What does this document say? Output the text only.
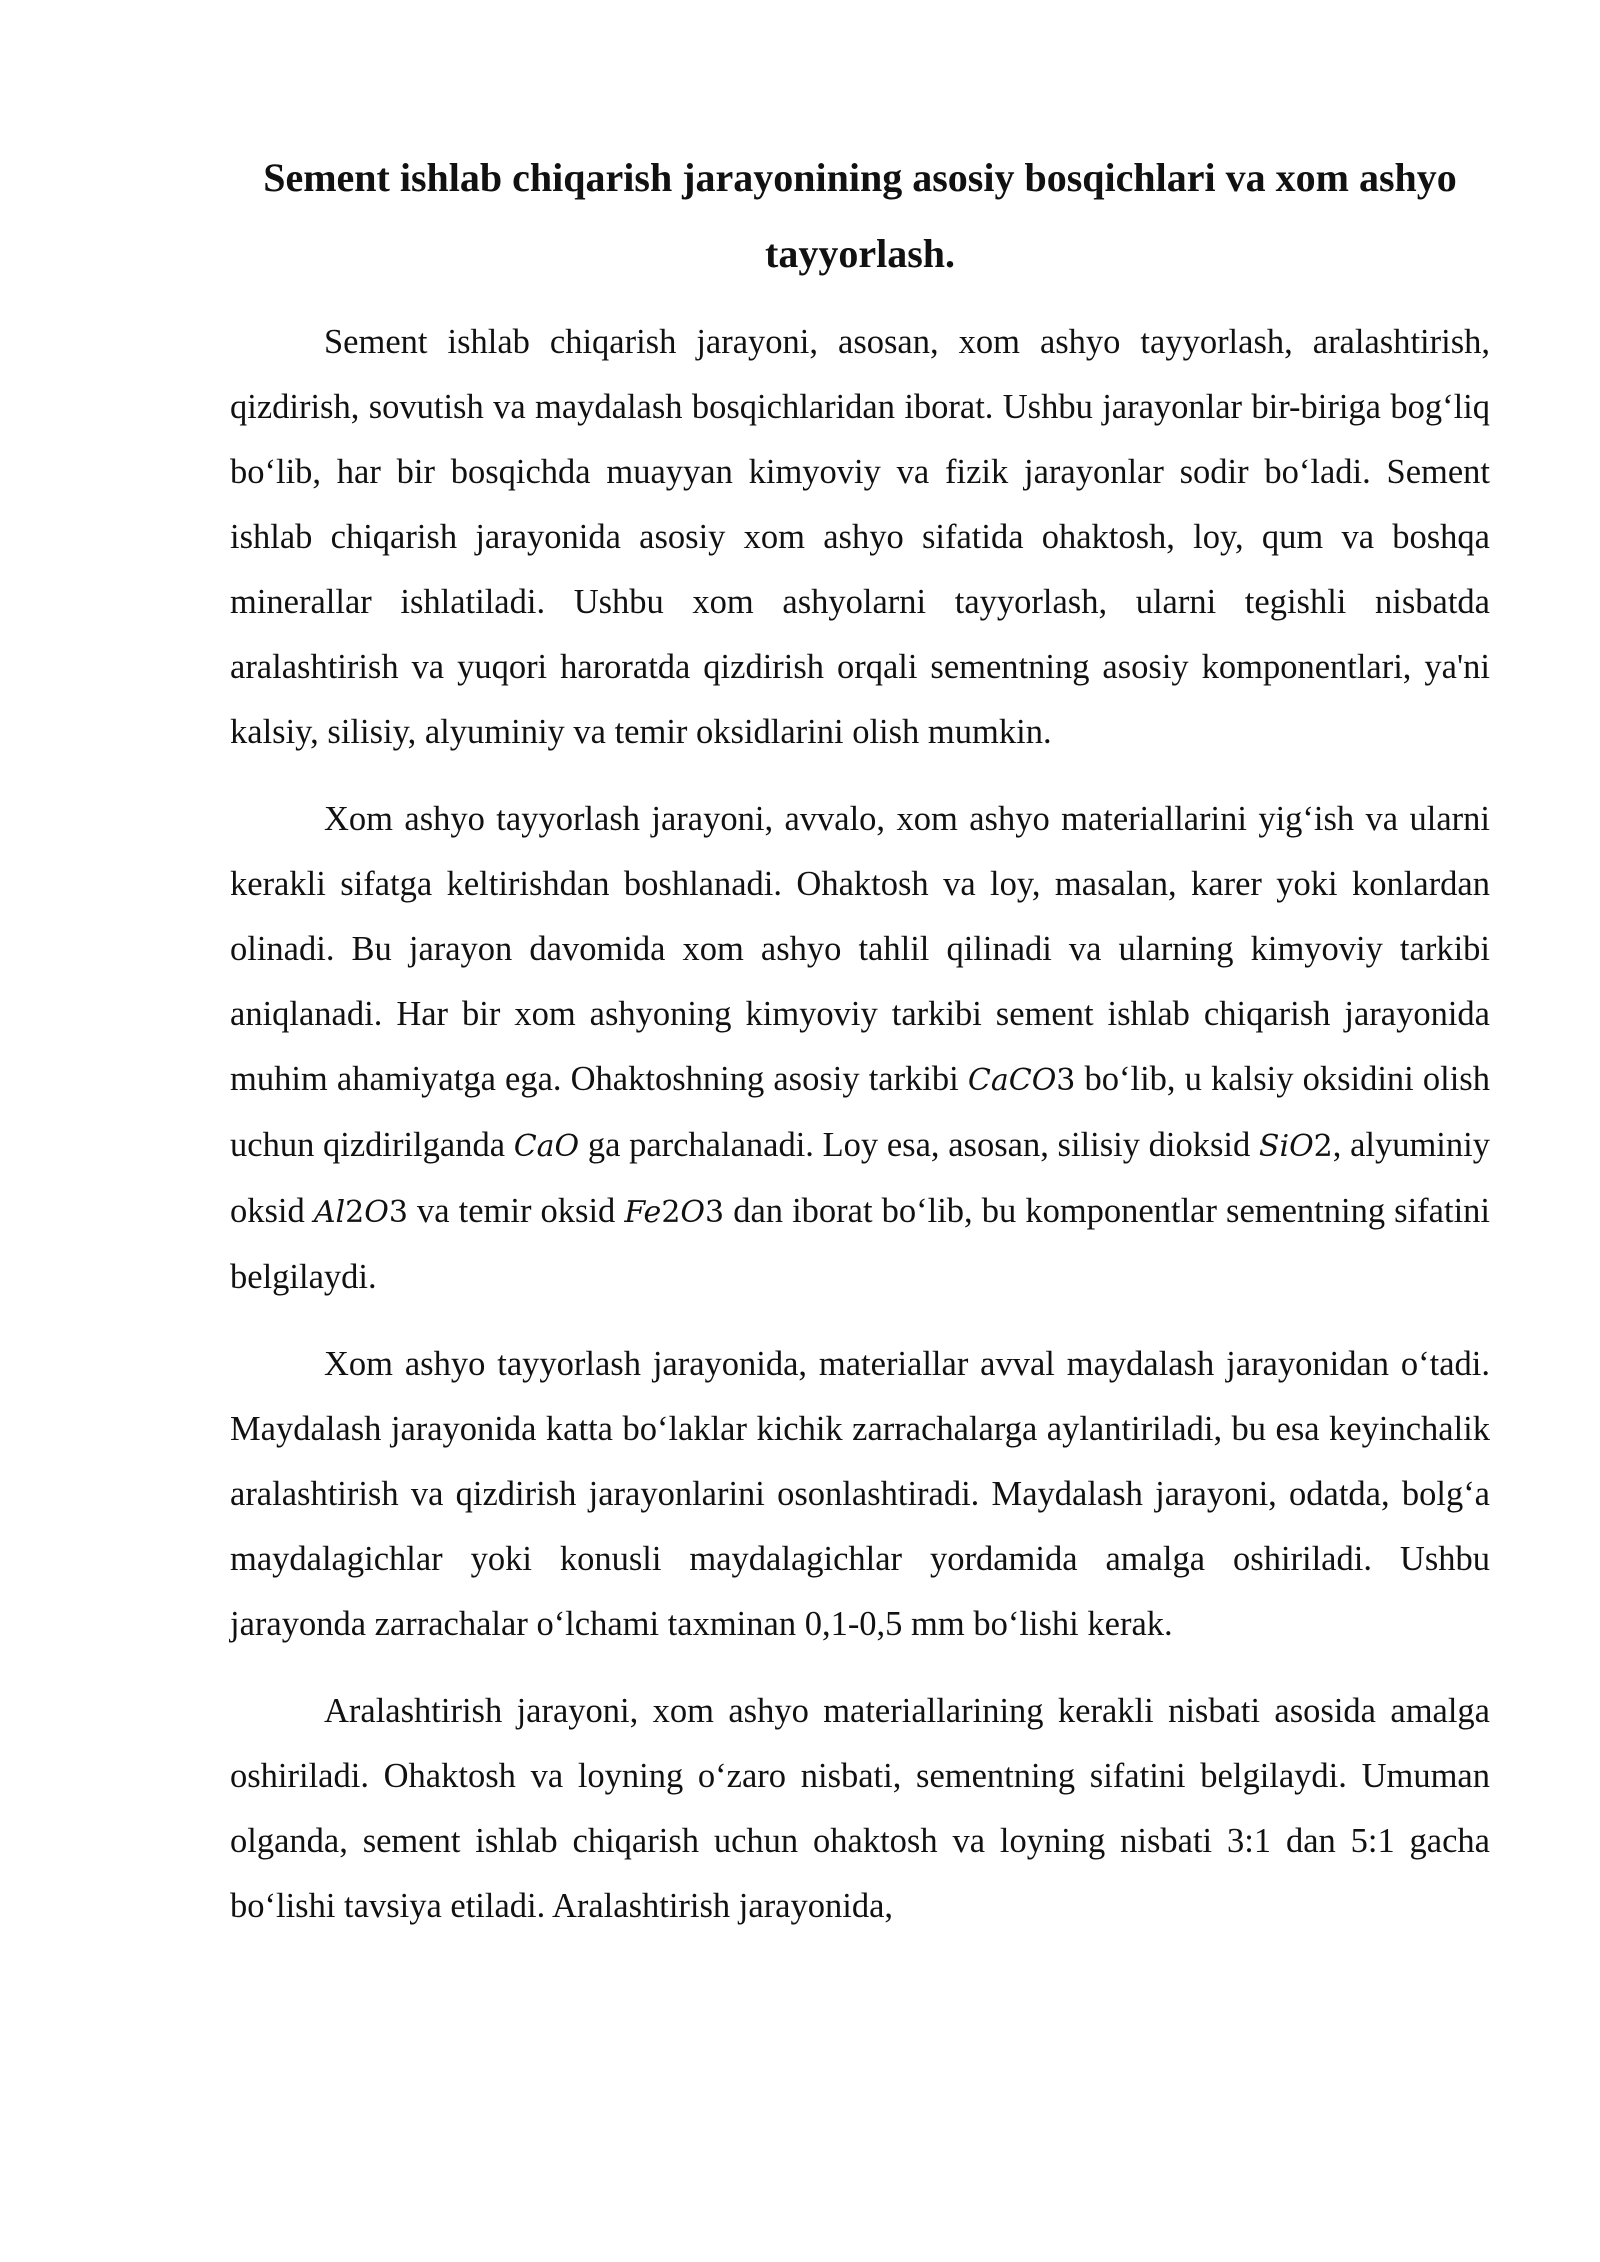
Sement ishlab chiqarish jarayonining asosiy bosqichlari va xom ashyo tayyorlash.

Sement ishlab chiqarish jarayoni, asosan, xom ashyo tayyorlash, aralashtirish, qizdirish, sovutish va maydalash bosqichlaridan iborat. Ushbu jarayonlar bir-biriga bog‘liq bo‘lib, har bir bosqichda muayyan kimyoviy va fizik jarayonlar sodir bo‘ladi. Sement ishlab chiqarish jarayonida asosiy xom ashyo sifatida ohaktosh, loy, qum va boshqa minerallar ishlatiladi. Ushbu xom ashyolarni tayyorlash, ularni tegishli nisbatda aralashtirish va yuqori haroratda qizdirish orqali sementning asosiy komponentlari, ya'ni kalsiy, silisiy, alyuminiy va temir oksidlarini olish mumkin.

Xom ashyo tayyorlash jarayoni, avvalo, xom ashyo materiallarini yig‘ish va ularni kerakli sifatga keltirishdan boshlanadi. Ohaktosh va loy, masalan, karer yoki konlardan olinadi. Bu jarayon davomida xom ashyo tahlil qilinadi va ularning kimyoviy tarkibi aniqlanadi. Har bir xom ashyoning kimyoviy tarkibi sement ishlab chiqarish jarayonida muhim ahamiyatga ega. Ohaktoshning asosiy tarkibi CaCO3 bo‘lib, u kalsiy oksidini olish uchun qizdirilganda CaO ga parchalanadi. Loy esa, asosan, silisiy dioksid SiO2, alyuminiy oksid Al2O3 va temir oksid Fe2O3 dan iborat bo‘lib, bu komponentlar sementning sifatini belgilaydi.

Xom ashyo tayyorlash jarayonida, materiallar avval maydalash jarayonidan o‘tadi. Maydalash jarayonida katta bo‘laklar kichik zarrachalarga aylantiriladi, bu esa keyinchalik aralashtirish va qizdirish jarayonlarini osonlashtiradi. Maydalash jarayoni, odatda, bolg‘a maydalagichlar yoki konusli maydalagichlar yordamida amalga oshiriladi. Ushbu jarayonda zarrachalar o‘lchami taxminan 0,1-0,5 mm bo‘lishi kerak.

Aralashtirish jarayoni, xom ashyo materiallarining kerakli nisbati asosida amalga oshiriladi. Ohaktosh va loyning o‘zaro nisbati, sementning sifatini belgilaydi. Umuman olganda, sement ishlab chiqarish uchun ohaktosh va loyning nisbati 3:1 dan 5:1 gacha bo‘lishi tavsiya etiladi. Aralashtirish jarayonida,
